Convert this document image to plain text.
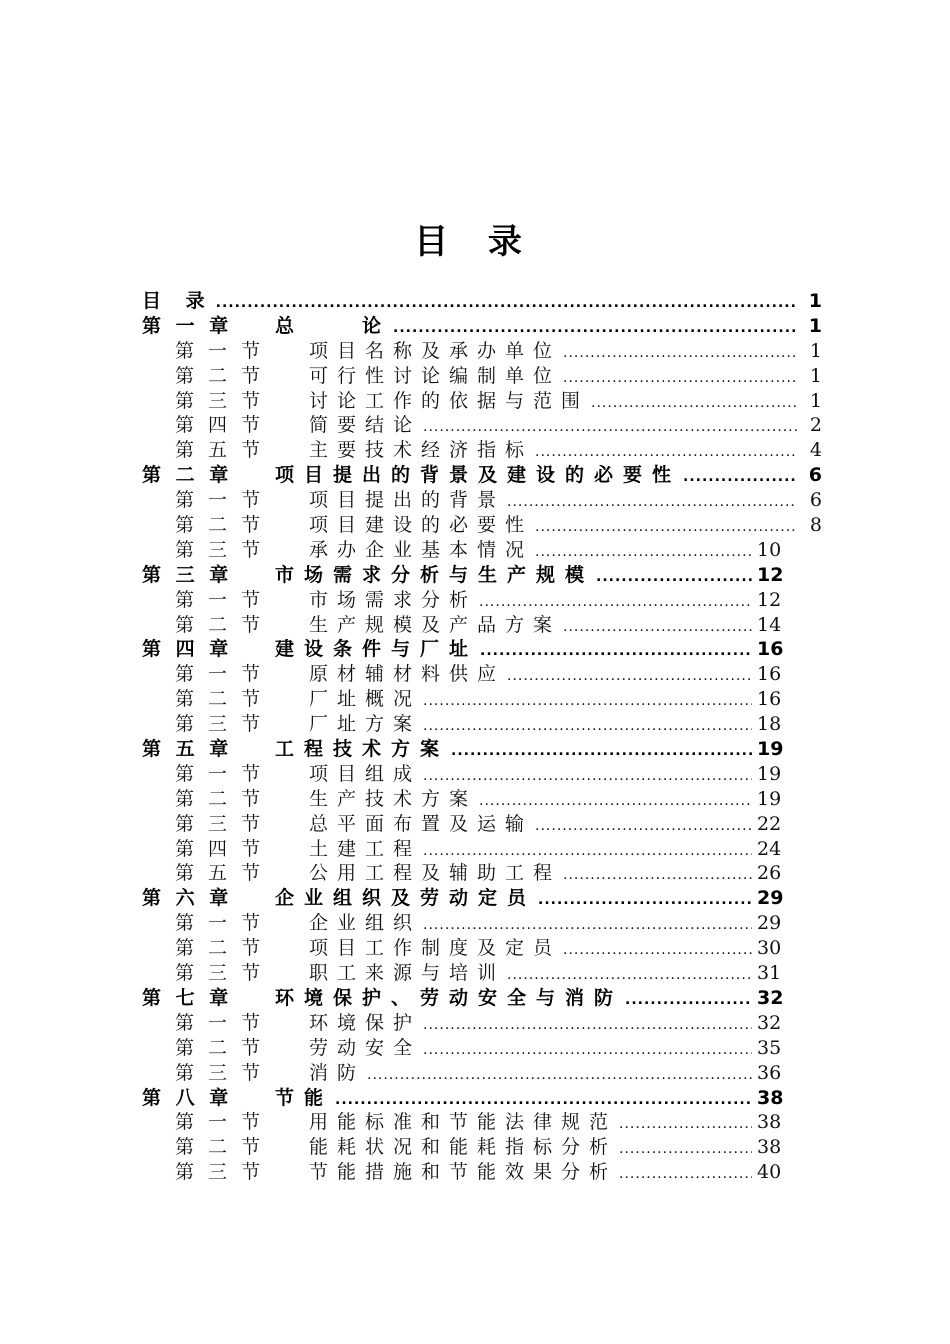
目 录
目 录 .....	1
第 一 章 总　　论 .....	1
第 一 节 项目名称及承办单位 .....	1
第 二 节 可行性讨论编制单位 .....	1
第 三 节 讨论工作的依据与范围 .....	1
第 四 节 简要结论 .....	2
第 五 节 主要技术经济指标 .....	4
第 二 章 项目提出的背景及建设的必要性 .....	6
第 一 节 项目提出的背景 .....	6
第 二 节 项目建设的必要性 .....	8
第 三 节 承办企业基本情况 .....	10
第 三 章 市场需求分析与生产规模 .....	12
第 一 节 市场需求分析 .....	12
第 二 节 生产规模及产品方案 .....	14
第 四 章 建设条件与厂址 .....	16
第 一 节 原材辅材料供应 .....	16
第 二 节 厂址概况 .....	16
第 三 节 厂址方案 .....	18
第 五 章 工程技术方案 .....	19
第 一 节 项目组成 .....	19
第 二 节 生产技术方案 .....	19
第 三 节 总平面布置及运输 .....	22
第 四 节 土建工程 .....	24
第 五 节 公用工程及辅助工程 .....	26
第 六 章 企业组织及劳动定员 .....	29
第 一 节 企业组织 .....	29
第 二 节 项目工作制度及定员 .....	30
第 三 节 职工来源与培训 .....	31
第 七 章 环境保护、劳动安全与消防 .....	32
第 一 节 环境保护 .....	32
第 二 节 劳动安全 .....	35
第 三 节 消防 .....	36
第 八 章 节能 .....	38
第 一 节 用能标准和节能法律规范 .....	38
第 二 节 能耗状况和能耗指标分析 .....	38
第 三 节 节能措施和节能效果分析 .....	40
